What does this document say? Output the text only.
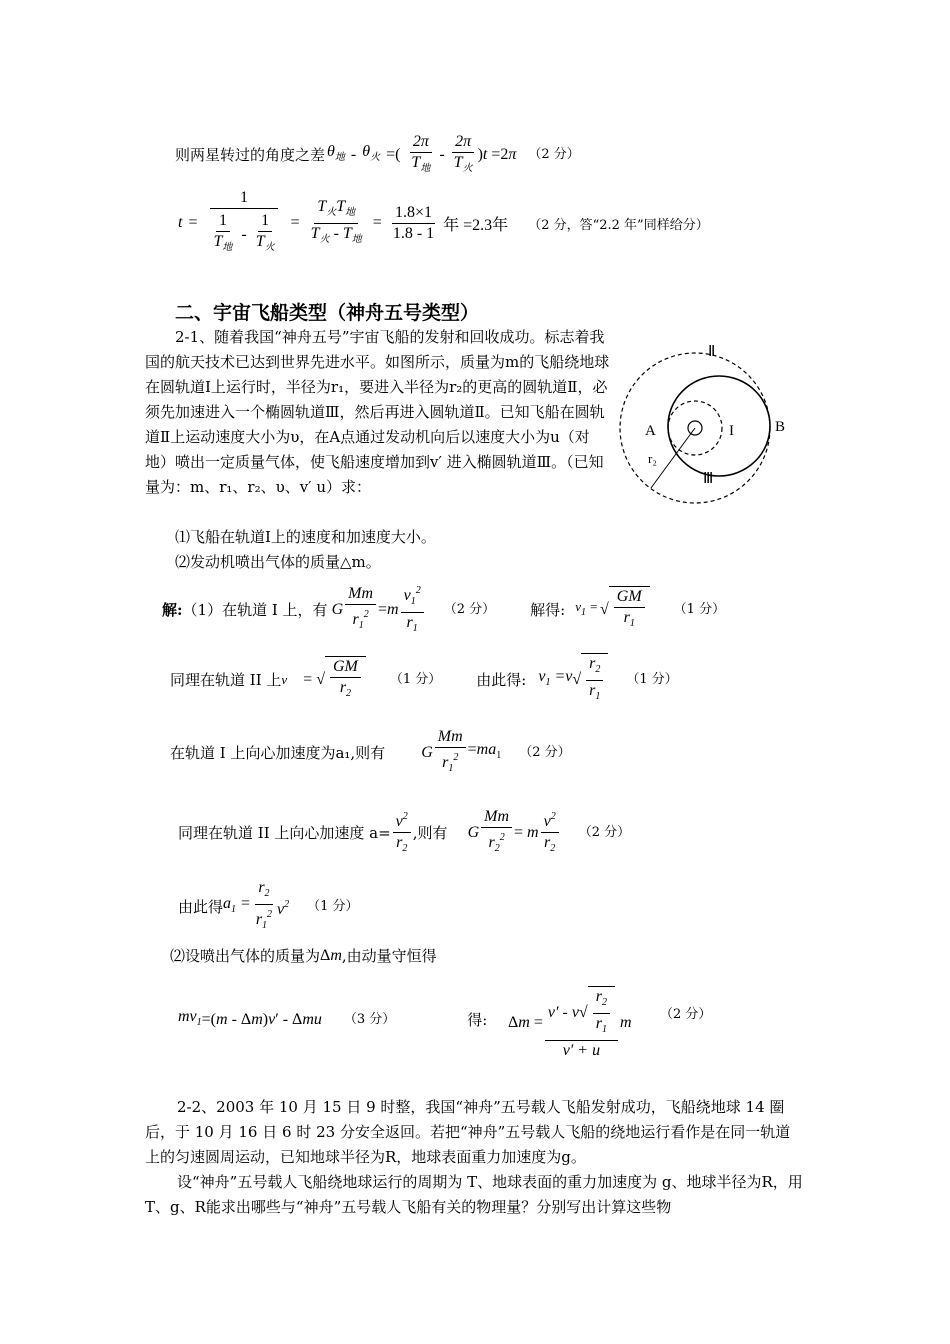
则两星转过的角度之差 $\theta_地 - \theta_火$ =( $\frac{2\pi}{T_地} - \frac{2\pi}{T_火} )t =2\pi$ （2 分）
$t = \frac{1}{\frac{1}{T_地} - \frac{1}{T_火}} = \frac{T_火T_地}{T_火 - T_地} = \frac{1.8\times 1}{1.8 - 1}$ 年 =2.3年 （2 分，答“2.2 年”同样给分）
二、宇宙飞船类型（神舟五号类型）
2-1、随着我国“神舟五号”宇宙飞船的发射和回收成功。标志着我国的航天技术已达到世界先进水平。如图所示，质量为m的飞船绕地球在圆轨道Ⅰ上运行时，半径为r₁，要进入半径为r₂的更高的圆轨道Ⅱ，必须先加速进入一个椭圆轨道Ⅲ，然后再进入圆轨道Ⅱ。已知飞船在圆轨道Ⅱ上运动速度大小为υ，在A点通过发动机向后以速度大小为u（对地）喷出一定质量气体，使飞船速度增加到v′ 进入椭圆轨道Ⅲ。（已知量为：m、r₁、r₂、υ、v′ u）求：
⑴飞船在轨道Ⅰ上的速度和加速度大小。
⑵发动机喷出气体的质量△m。
Ⅱ
I
Ⅲ
A	B
r₂
解: （1）在轨道 I 上，有 G $\frac{Mm}{r_1^2} =m \frac{v_1^2}{r_1} (2$ 分） 解得: $v_1$ = √ $\frac{GM}{r_1} (1$ 分）
同理在轨道 II 上 v = √ $\frac{GM}{r_2} (1$ 分） 由此得: $v_1 =v$ √ $\frac{r_2}{r_1} (1$ 分）
在轨道 I 上向心加速度为a₁,则有 G $\frac{Mm}{r_1^2} =ma_1$ （2 分）
同理在轨道 II 上向心加速度 $a= \frac{v^2}{r_2}$ ,则有 G $\frac{Mm}{r_2^2} = m \frac{v^2}{r_2} (2$ 分）
由此得 $a_1 = \frac{r_2}{r_1^2} v^2$ （1 分）
⑵设喷出气体的质量为 Δm ,由动量守恒得
$mv_1 =(m - \Delta m)v' - \Delta mu$ （3 分）	得: $\Delta m = \frac{v' - v √ \frac{r_2}{r_1}}{v' + u}$ m （2 分）
2-2、2003 年 10 月 15 日 9 时整，我国“神舟”五号载人飞船发射成功，飞船绕地球 14 圈后，于 10 月 16 日 6 时 23 分安全返回。若把“神舟”五号载人飞船的绕地运行看作是在同一轨道上的匀速圆周运动，已知地球半径为R，地球表面重力加速度为g。
设“神舟”五号载人飞船绕地球运行的周期为 T、地球表面的重力加速度为 g、地球半径为R，用T、g、R能求出哪些与“神舟”五号载人飞船有关的物理量？分别写出计算这些物
